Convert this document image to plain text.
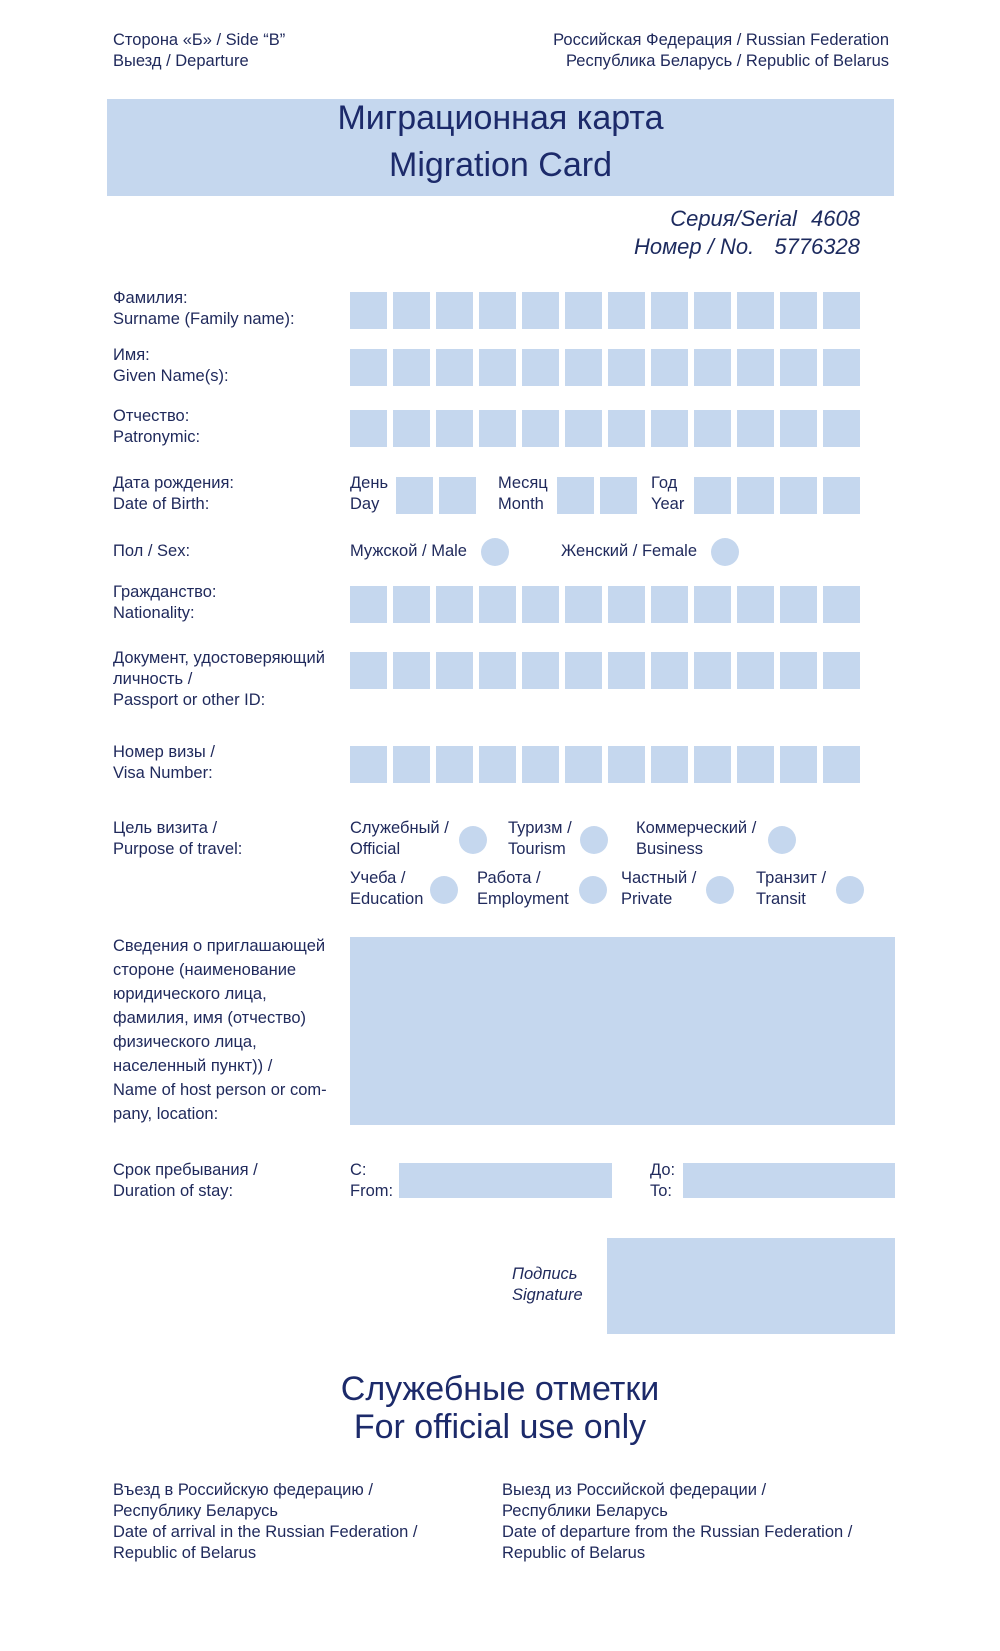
Сторона «Б» / Side “B”
Выезд / Departure
Российская Федерация / Russian Federation
Республика Беларусь / Republic of Belarus
Миграционная карта
Migration Card
Серия/Serial 4608
Номер / No. 5776328
Фамилия:
Surname (Family name):
Имя:
Given Name(s):
Отчество:
Patronymic:
Дата рождения:
Date of Birth:
День
Day
Месяц
Month
Год
Year
Пол / Sex:	Мужской / Male	Женский / Female
Гражданство:
Nationality:
Документ, удостоверяющий
личность /
Passport or other ID:
Номер визы /
Visa Number:
Цель визита /
Purpose of travel:
Служебный /
Official
Туризм /
Tourism
Коммерческий /
Business
Учеба /
Education
Работа /
Employment
Частный /
Private
Транзит /
Transit
Сведения о приглашающей
стороне (наименование
юридического лица,
фамилия, имя (отчество)
физического лица,
населенный пункт)) /
Name of host person or com-
pany, location:
Срок пребывания /
Duration of stay:
С:
From:
До:
To:
Подпись
Signature
Служебные отметки
For official use only
Въезд в Российскую федерацию /
Республику Беларусь
Date of arrival in the Russian Federation /
Republic of Belarus
Выезд из Российской федерации /
Республики Беларусь
Date of departure from the Russian Federation /
Republic of Belarus
